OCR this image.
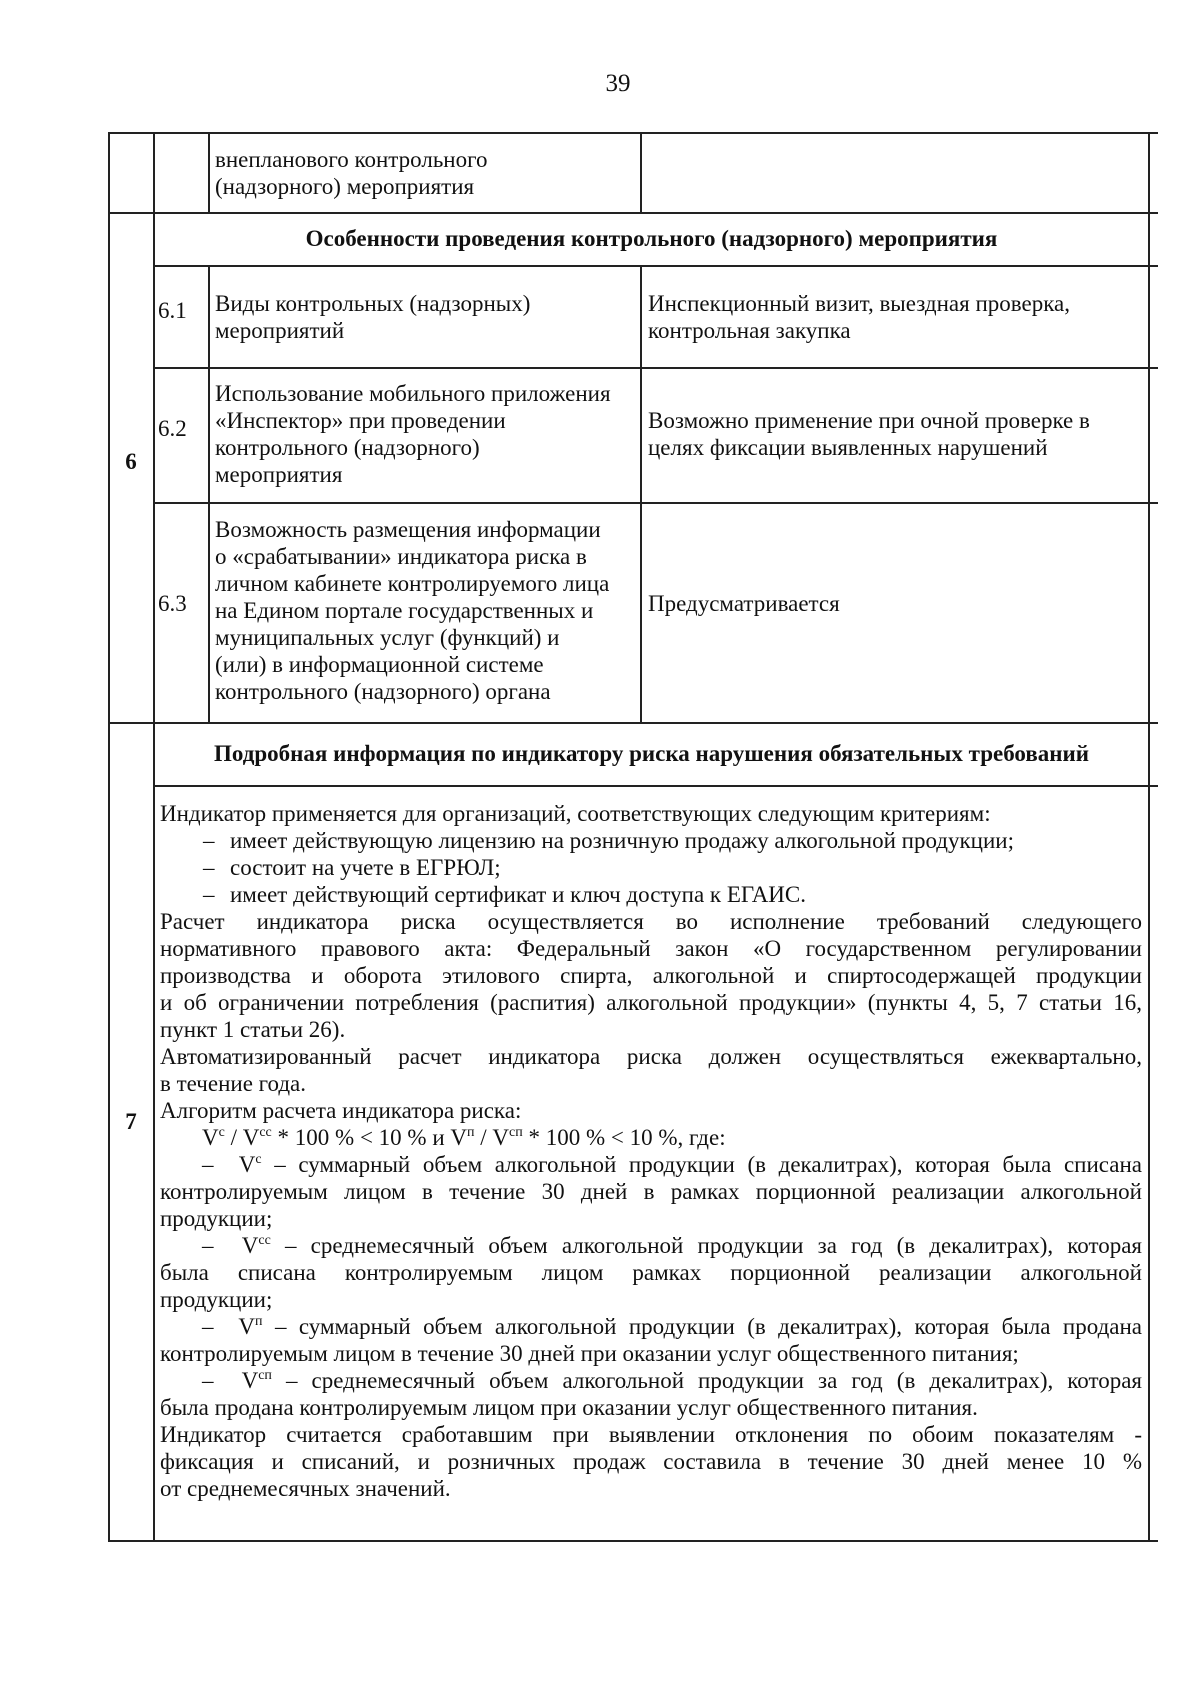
39

внепланового контрольного

(надзорного) мероприятия

6

Особенности проведения контрольного (надзорного) мероприятия

6.1 Виды контрольных (надзорных)

мероприятий

Инспекционный визит, выездная проверка,

контрольная закупка

6.2

Использование мобильного приложения

«Инспектор» при проведении

контрольного (надзорного)

мероприятия

Возможно применение при очной проверке в

целях фиксации выявленных нарушений

6.3

Возможность размещения информации

о «срабатывании» индикатора риска в

личном кабинете контролируемого лица

на Едином портале государственных и

муниципальных услуг (функций) и

(или) в информационной системе

контрольного (надзорного) органа

Предусматривается

7

Подробная информация по индикатору риска нарушения обязательных требований

Индикатор применяется для организаций, соответствующих следующим критериям:

– имеет действующую лицензию на розничную продажу алкогольной продукции;

– состоит на учете в ЕГРЮЛ;

– имеет действующий сертификат и ключ доступа к ЕГАИС.

Расчет индикатора риска осуществляется во исполнение требований следующего

нормативного правового акта: Федеральный закон «О государственном регулировании

производства и оборота этилового спирта, алкогольной и спиртосодержащей продукции

и об ограничении потребления (распития) алкогольной продукции» (пункты 4, 5, 7 статьи 16,

пункт 1 статьи 26).

Автоматизированный расчет индикатора риска должен осуществляться ежеквартально,

в течение года.

Алгоритм расчета индикатора риска:

$V^с / V^{сс} * 100$ % < 10 % и $V^п / V^{сп} * 100$ % < 10 %, где:

– $V^с$ – суммарный объем алкогольной продукции (в декалитрах), которая была списана

контролируемым лицом в течение 30 дней в рамках порционной реализации алкогольной

продукции;

– $V^{сс}$ – среднемесячный объем алкогольной продукции за год (в декалитрах), которая

была списана контролируемым лицом рамках порционной реализации алкогольной

продукции;

– $V^п$ – суммарный объем алкогольной продукции (в декалитрах), которая была продана

контролируемым лицом в течение 30 дней при оказании услуг общественного питания;

– $V^{сп}$ – среднемесячный объем алкогольной продукции за год (в декалитрах), которая

была продана контролируемым лицом при оказании услуг общественного питания.

Индикатор считается сработавшим при выявлении отклонения по обоим показателям -

фиксация и списаний, и розничных продаж составила в течение 30 дней менее 10 %

от среднемесячных значений.
